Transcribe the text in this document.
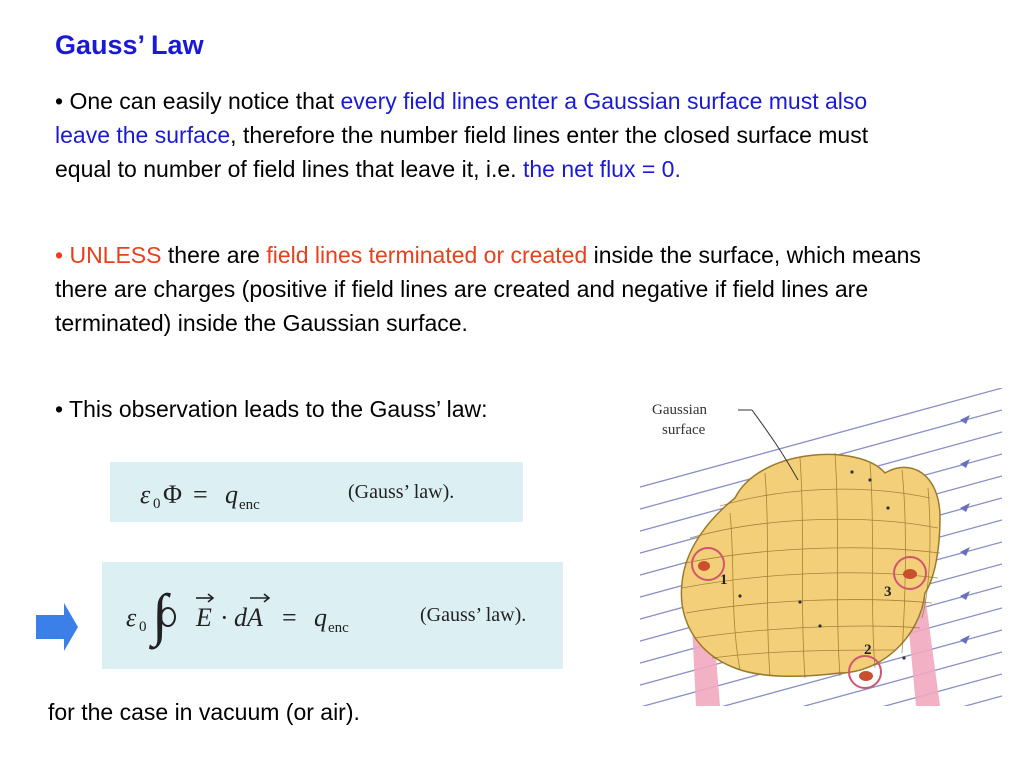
Gauss’ Law
• One can easily notice that every field lines enter a Gaussian surface must also leave the surface, therefore the number field lines enter the closed surface must equal to number of field lines that leave it, i.e. the net flux = 0.
• UNLESS there are field lines terminated or created inside the surface, which means there are charges (positive if field lines are created and negative if field lines are terminated) inside the Gaussian surface.
• This observation leads to the Gauss’ law:
ε 0 Φ = q enc
(Gauss’ law).
ε 0 ∫ E · dA = q enc
(Gauss’ law).
Gaussian
surface
1
2
3
for the case in vacuum (or air).
